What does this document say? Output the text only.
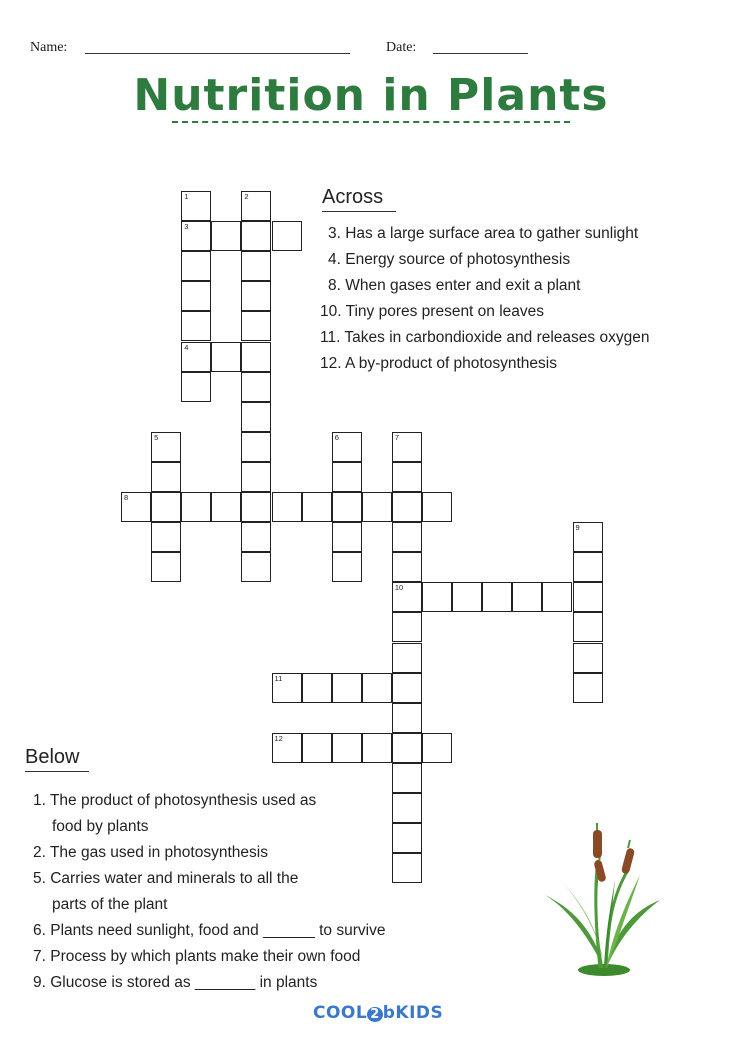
Name:	Date:
Nutrition in Plants
1
3
4
2
5	6	7
10
8
9
11
12
Across
3. Has a large surface area to gather sunlight
4. Energy source of photosynthesis
8. When gases enter and exit a plant
10. Tiny pores present on leaves
11. Takes in carbondioxide and releases oxygen
12. A by-product of photosynthesis
Below
1. The product of photosynthesis used as
food by plants
2. The gas used in photosynthesis
5. Carries water and minerals to all the
parts of the plant
6. Plants need sunlight, food and ______ to survive
7. Process by which plants make their own food
9. Glucose is stored as _______ in plants
COOL 2 bKIDS
